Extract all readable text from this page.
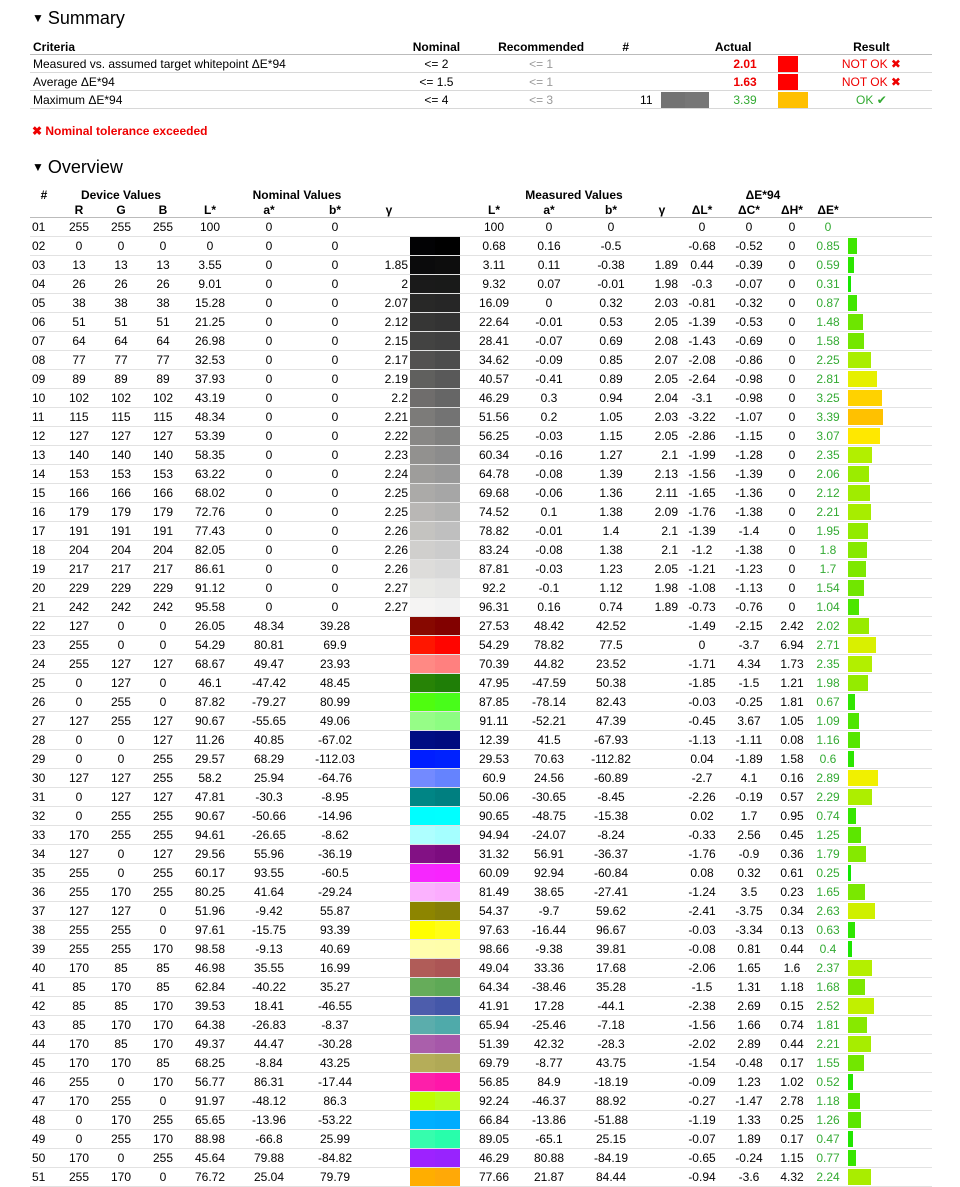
▼ Summary
Criteria	Nominal	Recommended	#	Actual			Result
Measured vs. assumed target whitepoint ΔE*94	<= 2	<= 1			2.01		NOT OK ✖
Average ΔE*94	<= 1.5	<= 1			1.63		NOT OK ✖
Maximum ΔE*94	<= 4	<= 3	11		3.39		OK ✔
✖ Nominal tolerance exceeded
▼ Overview
#	Device Values			Nominal Values					Measured Values				ΔE*94				
	R	G	B	L*	a*	b*	γ		L*	a*	b*	γ	ΔL*	ΔC*	ΔH*	ΔE*	
01	255	255	255	100	0	0			100	0	0		0	0	0	0	
02	0	0	0	0	0	0			0.68	0.16	-0.5		-0.68	-0.52	0	0.85	

03	13	13	13	3.55	0	0	1.85		3.11	0.11	-0.38	1.89	0.44	-0.39	0	0.59	

04	26	26	26	9.01	0	0	2		9.32	0.07	-0.01	1.98	-0.3	-0.07	0	0.31	

05	38	38	38	15.28	0	0	2.07		16.09	0	0.32	2.03	-0.81	-0.32	0	0.87	

06	51	51	51	21.25	0	0	2.12		22.64	-0.01	0.53	2.05	-1.39	-0.53	0	1.48	

07	64	64	64	26.98	0	0	2.15		28.41	-0.07	0.69	2.08	-1.43	-0.69	0	1.58	

08	77	77	77	32.53	0	0	2.17		34.62	-0.09	0.85	2.07	-2.08	-0.86	0	2.25	

09	89	89	89	37.93	0	0	2.19		40.57	-0.41	0.89	2.05	-2.64	-0.98	0	2.81	

10	102	102	102	43.19	0	0	2.2		46.29	0.3	0.94	2.04	-3.1	-0.98	0	3.25	

11	115	115	115	48.34	0	0	2.21		51.56	0.2	1.05	2.03	-3.22	-1.07	0	3.39	

12	127	127	127	53.39	0	0	2.22		56.25	-0.03	1.15	2.05	-2.86	-1.15	0	3.07	

13	140	140	140	58.35	0	0	2.23		60.34	-0.16	1.27	2.1	-1.99	-1.28	0	2.35	

14	153	153	153	63.22	0	0	2.24		64.78	-0.08	1.39	2.13	-1.56	-1.39	0	2.06	

15	166	166	166	68.02	0	0	2.25		69.68	-0.06	1.36	2.11	-1.65	-1.36	0	2.12	

16	179	179	179	72.76	0	0	2.25		74.52	0.1	1.38	2.09	-1.76	-1.38	0	2.21	

17	191	191	191	77.43	0	0	2.26		78.82	-0.01	1.4	2.1	-1.39	-1.4	0	1.95	

18	204	204	204	82.05	0	0	2.26		83.24	-0.08	1.38	2.1	-1.2	-1.38	0	1.8	

19	217	217	217	86.61	0	0	2.26		87.81	-0.03	1.23	2.05	-1.21	-1.23	0	1.7	

20	229	229	229	91.12	0	0	2.27		92.2	-0.1	1.12	1.98	-1.08	-1.13	0	1.54	

21	242	242	242	95.58	0	0	2.27		96.31	0.16	0.74	1.89	-0.73	-0.76	0	1.04	

22	127	0	0	26.05	48.34	39.28			27.53	48.42	42.52		-1.49	-2.15	2.42	2.02	

23	255	0	0	54.29	80.81	69.9			54.29	78.82	77.5		0	-3.7	6.94	2.71	

24	255	127	127	68.67	49.47	23.93			70.39	44.82	23.52		-1.71	4.34	1.73	2.35	

25	0	127	0	46.1	-47.42	48.45			47.95	-47.59	50.38		-1.85	-1.5	1.21	1.98	

26	0	255	0	87.82	-79.27	80.99			87.85	-78.14	82.43		-0.03	-0.25	1.81	0.67	

27	127	255	127	90.67	-55.65	49.06			91.11	-52.21	47.39		-0.45	3.67	1.05	1.09	

28	0	0	127	11.26	40.85	-67.02			12.39	41.5	-67.93		-1.13	-1.11	0.08	1.16	

29	0	0	255	29.57	68.29	-112.03			29.53	70.63	-112.82		0.04	-1.89	1.58	0.6	

30	127	127	255	58.2	25.94	-64.76			60.9	24.56	-60.89		-2.7	4.1	0.16	2.89	

31	0	127	127	47.81	-30.3	-8.95			50.06	-30.65	-8.45		-2.26	-0.19	0.57	2.29	

32	0	255	255	90.67	-50.66	-14.96			90.65	-48.75	-15.38		0.02	1.7	0.95	0.74	

33	170	255	255	94.61	-26.65	-8.62			94.94	-24.07	-8.24		-0.33	2.56	0.45	1.25	

34	127	0	127	29.56	55.96	-36.19			31.32	56.91	-36.37		-1.76	-0.9	0.36	1.79	

35	255	0	255	60.17	93.55	-60.5			60.09	92.94	-60.84		0.08	0.32	0.61	0.25	

36	255	170	255	80.25	41.64	-29.24			81.49	38.65	-27.41		-1.24	3.5	0.23	1.65	

37	127	127	0	51.96	-9.42	55.87			54.37	-9.7	59.62		-2.41	-3.75	0.34	2.63	

38	255	255	0	97.61	-15.75	93.39			97.63	-16.44	96.67		-0.03	-3.34	0.13	0.63	

39	255	255	170	98.58	-9.13	40.69			98.66	-9.38	39.81		-0.08	0.81	0.44	0.4	

40	170	85	85	46.98	35.55	16.99			49.04	33.36	17.68		-2.06	1.65	1.6	2.37	

41	85	170	85	62.84	-40.22	35.27			64.34	-38.46	35.28		-1.5	1.31	1.18	1.68	

42	85	85	170	39.53	18.41	-46.55			41.91	17.28	-44.1		-2.38	2.69	0.15	2.52	

43	85	170	170	64.38	-26.83	-8.37			65.94	-25.46	-7.18		-1.56	1.66	0.74	1.81	

44	170	85	170	49.37	44.47	-30.28			51.39	42.32	-28.3		-2.02	2.89	0.44	2.21	

45	170	170	85	68.25	-8.84	43.25			69.79	-8.77	43.75		-1.54	-0.48	0.17	1.55	

46	255	0	170	56.77	86.31	-17.44			56.85	84.9	-18.19		-0.09	1.23	1.02	0.52	

47	170	255	0	91.97	-48.12	86.3			92.24	-46.37	88.92		-0.27	-1.47	2.78	1.18	

48	0	170	255	65.65	-13.96	-53.22			66.84	-13.86	-51.88		-1.19	1.33	0.25	1.26	

49	0	255	170	88.98	-66.8	25.99			89.05	-65.1	25.15		-0.07	1.89	0.17	0.47	

50	170	0	255	45.64	79.88	-84.82			46.29	80.88	-84.19		-0.65	-0.24	1.15	0.77	

51	255	170	0	76.72	25.04	79.79			77.66	21.87	84.44		-0.94	-3.6	4.32	2.24	
